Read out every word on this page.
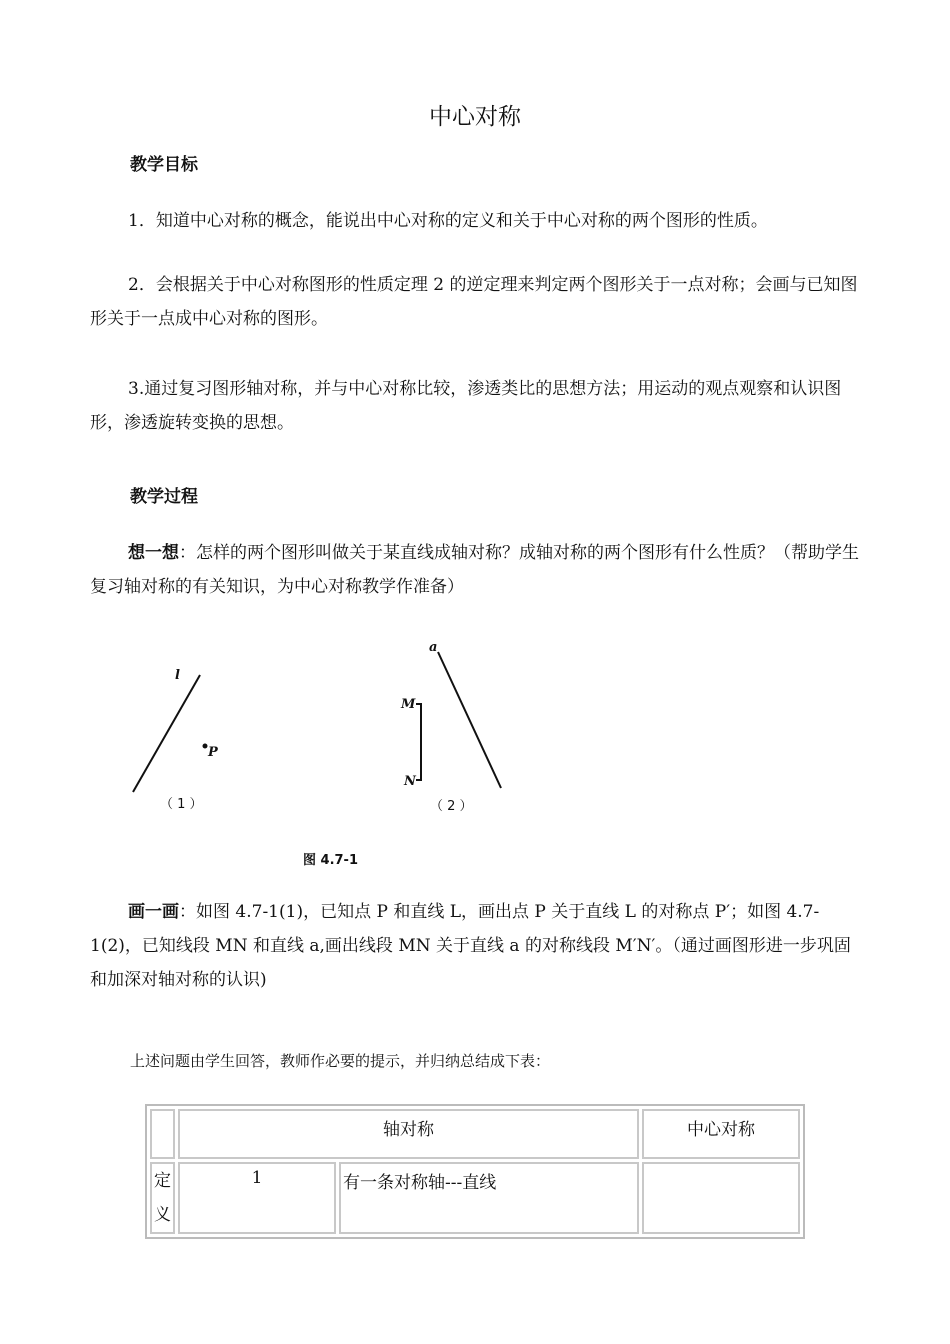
中心对称
教学目标
1．知道中心对称的概念，能说出中心对称的定义和关于中心对称的两个图形的性质。
2．会根据关于中心对称图形的性质定理 2 的逆定理来判定两个图形关于一点对称；会画与已知图形关于一点成中心对称的图形。
3.通过复习图形轴对称，并与中心对称比较，渗透类比的思想方法；用运动的观点观察和认识图形，渗透旋转变换的思想。
教学过程
想一想：怎样的两个图形叫做关于某直线成轴对称？成轴对称的两个图形有什么性质？（帮助学生复习轴对称的有关知识，为中心对称教学作准备）
l
P
a
M
N
（ 1 ）	（ 2 ）
图 4.7-1
画一画：如图 4.7-1(1)，已知点 P 和直线 L，画出点 P 关于直线 L 的对称点 P′；如图 4.7-1(2)，已知线段 MN 和直线 a,画出线段 MN 关于直线 a 的对称线段 M′N′。（通过画图形进一步巩固和加深对轴对称的认识)
上述问题由学生回答，教师作必要的提示，并归纳总结成下表：
	轴对称		中心对称
定
义	1	有一条对称轴---直线	
